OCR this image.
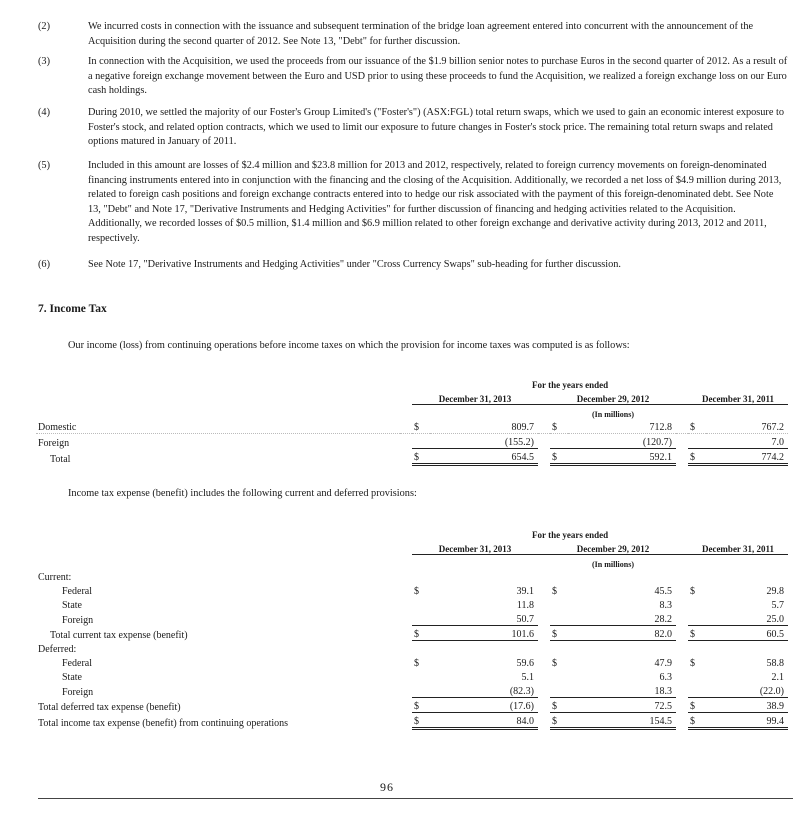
(2)	We incurred costs in connection with the issuance and subsequent termination of the bridge loan agreement entered into concurrent with the announcement of the Acquisition during the second quarter of 2012. See Note 13, "Debt" for further discussion.
(3)	In connection with the Acquisition, we used the proceeds from our issuance of the $1.9 billion senior notes to purchase Euros in the second quarter of 2012. As a result of a negative foreign exchange movement between the Euro and USD prior to using these proceeds to fund the Acquisition, we realized a foreign exchange loss on our Euro cash holdings.
(4)	During 2010, we settled the majority of our Foster's Group Limited's ("Foster's") (ASX:FGL) total return swaps, which we used to gain an economic interest exposure to Foster's stock, and related option contracts, which we used to limit our exposure to future changes in Foster's stock price. The remaining total return swaps and related options matured in January of 2011.
(5)	Included in this amount are losses of $2.4 million and $23.8 million for 2013 and 2012, respectively, related to foreign currency movements on foreign-denominated financing instruments entered into in conjunction with the financing and the closing of the Acquisition. Additionally, we recorded a net loss of $4.9 million during 2013, related to foreign cash positions and foreign exchange contracts entered into to hedge our risk associated with the payment of this foreign-denominated debt. See Note 13, "Debt" and Note 17, "Derivative Instruments and Hedging Activities" for further discussion of financing and hedging activities related to the Acquisition. Additionally, we recorded losses of $0.5 million, $1.4 million and $6.9 million related to other foreign exchange and derivative activity during 2013, 2012 and 2011, respectively.
(6)	See Note 17, "Derivative Instruments and Hedging Activities" under "Cross Currency Swaps" sub-heading for further discussion.
7. Income Tax
Our income (loss) from continuing operations before income taxes on which the provision for income taxes was computed is as follows:
		For the years ended							
		December 31, 2013			December 29, 2012			December 31, 2011	
					(In millions)				
Domestic		$	809.7		$	712.8		$	767.2
Foreign			(155.2)			(120.7)			7.0
Total		$	654.5		$	592.1		$	774.2
Income tax expense (benefit) includes the following current and deferred provisions:
		For the years ended							
		December 31, 2013			December 29, 2012			December 31, 2011	
					(In millions)				
Current:									
Federal		$	39.1		$	45.5		$	29.8
State			11.8			8.3			5.7
Foreign			50.7			28.2			25.0
Total current tax expense (benefit)		$	101.6		$	82.0		$	60.5
Deferred:									
Federal		$	59.6		$	47.9		$	58.8
State			5.1			6.3			2.1
Foreign			(82.3)			18.3			(22.0)
Total deferred tax expense (benefit)		$	(17.6)		$	72.5		$	38.9
Total income tax expense (benefit) from continuing operations		$	84.0		$	154.5		$	99.4
96
